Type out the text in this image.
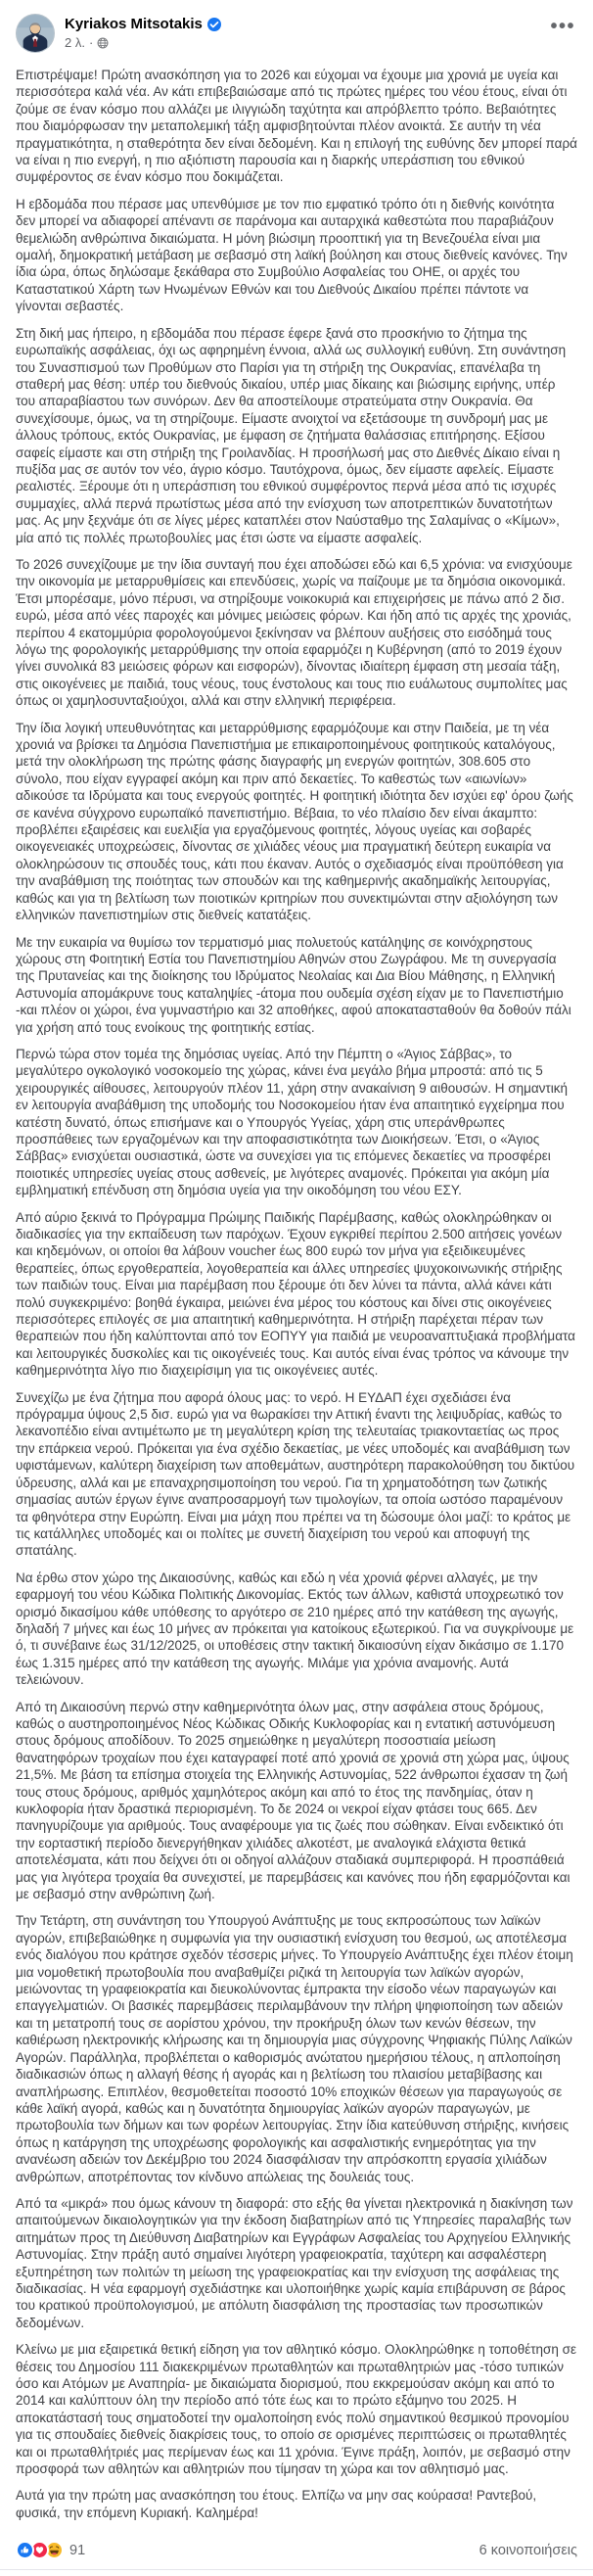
Kyriakos Mitsotakis
2 λ. ·
•••

Επιστρέψαμε! Πρώτη ανασκόπηση για το 2026 και εύχομαι να έχουμε μια χρονιά με υγεία και περισσότερα καλά νέα. Αν κάτι επιβεβαιώσαμε από τις πρώτες ημέρες του νέου έτους, είναι ότι ζούμε σε έναν κόσμο που αλλάζει με ιλιγγιώδη ταχύτητα και απρόβλεπτο τρόπο. Βεβαιότητες που διαμόρφωσαν την μεταπολεμική τάξη αμφισβητούνται πλέον ανοικτά. Σε αυτήν τη νέα πραγματικότητα, η σταθερότητα δεν είναι δεδομένη. Και η επιλογή της ευθύνης δεν μπορεί παρά να είναι η πιο ενεργή, η πιο αξιόπιστη παρουσία και η διαρκής υπεράσπιση του εθνικού συμφέροντος σε έναν κόσμο που δοκιμάζεται.

Η εβδομάδα που πέρασε μας υπενθύμισε με τον πιο εμφατικό τρόπο ότι η διεθνής κοινότητα δεν μπορεί να αδιαφορεί απέναντι σε παράνομα και αυταρχικά καθεστώτα που παραβιάζουν θεμελιώδη ανθρώπινα δικαιώματα. Η μόνη βιώσιμη προοπτική για τη Βενεζουέλα είναι μια ομαλή, δημοκρατική μετάβαση με σεβασμό στη λαϊκή βούληση και στους διεθνείς κανόνες. Την ίδια ώρα, όπως δηλώσαμε ξεκάθαρα στο Συμβούλιο Ασφαλείας του ΟΗΕ, οι αρχές του Καταστατικού Χάρτη των Ηνωμένων Εθνών και του Διεθνούς Δικαίου πρέπει πάντοτε να γίνονται σεβαστές.

Στη δική μας ήπειρο, η εβδομάδα που πέρασε έφερε ξανά στο προσκήνιο το ζήτημα της ευρωπαϊκής ασφάλειας, όχι ως αφηρημένη έννοια, αλλά ως συλλογική ευθύνη. Στη συνάντηση του Συνασπισμού των Προθύμων στο Παρίσι για τη στήριξη της Ουκρανίας, επανέλαβα τη σταθερή μας θέση: υπέρ του διεθνούς δικαίου, υπέρ μιας δίκαιης και βιώσιμης ειρήνης, υπέρ του απαραβίαστου των συνόρων. Δεν θα αποστείλουμε στρατεύματα στην Ουκρανία. Θα συνεχίσουμε, όμως, να τη στηρίζουμε. Είμαστε ανοιχτοί να εξετάσουμε τη συνδρομή μας με άλλους τρόπους, εκτός Ουκρανίας, με έμφαση σε ζητήματα θαλάσσιας επιτήρησης. Εξίσου σαφείς είμαστε και στη στήριξη της Γροιλανδίας. Η προσήλωσή μας στο Διεθνές Δίκαιο είναι η πυξίδα μας σε αυτόν τον νέο, άγριο κόσμο. Ταυτόχρονα, όμως, δεν είμαστε αφελείς. Είμαστε ρεαλιστές. Ξέρουμε ότι η υπεράσπιση του εθνικού συμφέροντος περνά μέσα από τις ισχυρές συμμαχίες, αλλά περνά πρωτίστως μέσα από την ενίσχυση των αποτρεπτικών δυνατοτήτων μας. Ας μην ξεχνάμε ότι σε λίγες μέρες καταπλέει στον Ναύσταθμο της Σαλαμίνας ο «Κίμων», μία από τις πολλές πρωτοβουλίες μας έτσι ώστε να είμαστε ασφαλείς.

Το 2026 συνεχίζουμε με την ίδια συνταγή που έχει αποδώσει εδώ και 6,5 χρόνια: να ενισχύουμε την οικονομία με μεταρρυθμίσεις και επενδύσεις, χωρίς να παίζουμε με τα δημόσια οικονομικά. Έτσι μπορέσαμε, μόνο πέρυσι, να στηρίξουμε νοικοκυριά και επιχειρήσεις με πάνω από 2 δισ. ευρώ, μέσα από νέες παροχές και μόνιμες μειώσεις φόρων. Και ήδη από τις αρχές της χρονιάς, περίπου 4 εκατομμύρια φορολογούμενοι ξεκίνησαν να βλέπουν αυξήσεις στο εισόδημά τους λόγω της φορολογικής μεταρρύθμισης την οποία εφαρμόζει η Κυβέρνηση (από το 2019 έχουν γίνει συνολικά 83 μειώσεις φόρων και εισφορών), δίνοντας ιδιαίτερη έμφαση στη μεσαία τάξη, στις οικογένειες με παιδιά, τους νέους, τους ένστολους και τους πιο ευάλωτους συμπολίτες μας όπως οι χαμηλοσυνταξιούχοι, αλλά και στην ελληνική περιφέρεια.

Την ίδια λογική υπευθυνότητας και μεταρρύθμισης εφαρμόζουμε και στην Παιδεία, με τη νέα χρονιά να βρίσκει τα Δημόσια Πανεπιστήμια με επικαιροποιημένους φοιτητικούς καταλόγους, μετά την ολοκλήρωση της πρώτης φάσης διαγραφής μη ενεργών φοιτητών, 308.605 στο σύνολο, που είχαν εγγραφεί ακόμη και πριν από δεκαετίες. Το καθεστώς των «αιωνίων» αδικούσε τα Ιδρύματα και τους ενεργούς φοιτητές. Η φοιτητική ιδιότητα δεν ισχύει εφ' όρου ζωής σε κανένα σύγχρονο ευρωπαϊκό πανεπιστήμιο. Βέβαια, το νέο πλαίσιο δεν είναι άκαμπτο: προβλέπει εξαιρέσεις και ευελιξία για εργαζόμενους φοιτητές, λόγους υγείας και σοβαρές οικογενειακές υποχρεώσεις, δίνοντας σε χιλιάδες νέους μια πραγματική δεύτερη ευκαιρία να ολοκληρώσουν τις σπουδές τους, κάτι που έκαναν. Αυτός ο σχεδιασμός είναι προϋπόθεση για την αναβάθμιση της ποιότητας των σπουδών και της καθημερινής ακαδημαϊκής λειτουργίας, καθώς και για τη βελτίωση των ποιοτικών κριτηρίων που συνεκτιμώνται στην αξιολόγηση των ελληνικών πανεπιστημίων στις διεθνείς κατατάξεις.

Με την ευκαιρία να θυμίσω τον τερματισμό μιας πολυετούς κατάληψης σε κοινόχρηστους χώρους στη Φοιτητική Εστία του Πανεπιστημίου Αθηνών στου Ζωγράφου. Με τη συνεργασία της Πρυτανείας και της διοίκησης του Ιδρύματος Νεολαίας και Δια Βίου Μάθησης, η Ελληνική Αστυνομία απομάκρυνε τους καταληψίες -άτομα που ουδεμία σχέση είχαν με το Πανεπιστήμιο -και πλέον οι χώροι, ένα γυμναστήριο και 32 αποθήκες, αφού αποκατασταθούν θα δοθούν πάλι για χρήση από τους ενοίκους της φοιτητικής εστίας.

Περνώ τώρα στον τομέα της δημόσιας υγείας. Από την Πέμπτη ο «Άγιος Σάββας», το μεγαλύτερο ογκολογικό νοσοκομείο της χώρας, κάνει ένα μεγάλο βήμα μπροστά: από τις 5 χειρουργικές αίθουσες, λειτουργούν πλέον 11, χάρη στην ανακαίνιση 9 αιθουσών. Η σημαντική εν λειτουργία αναβάθμιση της υποδομής του Νοσοκομείου ήταν ένα απαιτητικό εγχείρημα που κατέστη δυνατό, όπως επισήμανε και ο Υπουργός Υγείας, χάρη στις υπεράνθρωπες προσπάθειες των εργαζομένων και την αποφασιστικότητα των Διοικήσεων. Έτσι, ο «Άγιος Σάββας» ενισχύεται ουσιαστικά, ώστε να συνεχίσει για τις επόμενες δεκαετίες να προσφέρει ποιοτικές υπηρεσίες υγείας στους ασθενείς, με λιγότερες αναμονές. Πρόκειται για ακόμη μία εμβληματική επένδυση στη δημόσια υγεία για την οικοδόμηση του νέου ΕΣΥ.

Από αύριο ξεκινά το Πρόγραμμα Πρώιμης Παιδικής Παρέμβασης, καθώς ολοκληρώθηκαν οι διαδικασίες για την εκπαίδευση των παρόχων. Έχουν εγκριθεί περίπου 2.500 αιτήσεις γονέων και κηδεμόνων, οι οποίοι θα λάβουν voucher έως 800 ευρώ τον μήνα για εξειδικευμένες θεραπείες, όπως εργοθεραπεία, λογοθεραπεία και άλλες υπηρεσίες ψυχοκοινωνικής στήριξης των παιδιών τους. Είναι μια παρέμβαση που ξέρουμε ότι δεν λύνει τα πάντα, αλλά κάνει κάτι πολύ συγκεκριμένο: βοηθά έγκαιρα, μειώνει ένα μέρος του κόστους και δίνει στις οικογένειες περισσότερες επιλογές σε μια απαιτητική καθημερινότητα. Η στήριξη παρέχεται πέραν των θεραπειών που ήδη καλύπτονται από τον ΕΟΠΥΥ για παιδιά με νευροαναπτυξιακά προβλήματα και λειτουργικές δυσκολίες και τις οικογένειές τους. Και αυτός είναι ένας τρόπος να κάνουμε την καθημερινότητα λίγο πιο διαχειρίσιμη για τις οικογένειες αυτές.

Συνεχίζω με ένα ζήτημα που αφορά όλους μας: το νερό. Η ΕΥΔΑΠ έχει σχεδιάσει ένα πρόγραμμα ύψους 2,5 δισ. ευρώ για να θωρακίσει την Αττική έναντι της λειψυδρίας, καθώς το λεκανοπέδιο είναι αντιμέτωπο με τη μεγαλύτερη κρίση της τελευταίας τριακονταετίας ως προς την επάρκεια νερού. Πρόκειται για ένα σχέδιο δεκαετίας, με νέες υποδομές και αναβάθμιση των υφιστάμενων, καλύτερη διαχείριση των αποθεμάτων, αυστηρότερη παρακολούθηση του δικτύου ύδρευσης, αλλά και με επαναχρησιμοποίηση του νερού. Για τη χρηματοδότηση των ζωτικής σημασίας αυτών έργων έγινε αναπροσαρμογή των τιμολογίων, τα οποία ωστόσο παραμένουν τα φθηνότερα στην Ευρώπη. Είναι μια μάχη που πρέπει να τη δώσουμε όλοι μαζί: το κράτος με τις κατάλληλες υποδομές και οι πολίτες με συνετή διαχείριση του νερού και αποφυγή της σπατάλης.

Να έρθω στον χώρο της Δικαιοσύνης, καθώς και εδώ η νέα χρονιά φέρνει αλλαγές, με την εφαρμογή του νέου Κώδικα Πολιτικής Δικονομίας. Εκτός των άλλων, καθιστά υποχρεωτικό τον ορισμό δικασίμου κάθε υπόθεσης το αργότερο σε 210 ημέρες από την κατάθεση της αγωγής, δηλαδή 7 μήνες και έως 10 μήνες αν πρόκειται για κατοίκους εξωτερικού. Για να συγκρίνουμε με ό, τι συνέβαινε έως 31/12/2025, οι υποθέσεις στην τακτική δικαιοσύνη είχαν δικάσιμο σε 1.170 έως 1.315 ημέρες από την κατάθεση της αγωγής. Μιλάμε για χρόνια αναμονής. Αυτά τελειώνουν.

Από τη Δικαιοσύνη περνώ στην καθημερινότητα όλων μας, στην ασφάλεια στους δρόμους, καθώς ο αυστηροποιημένος Νέος Κώδικας Οδικής Κυκλοφορίας και η εντατική αστυνόμευση στους δρόμους αποδίδουν. Το 2025 σημειώθηκε η μεγαλύτερη ποσοστιαία μείωση θανατηφόρων τροχαίων που έχει καταγραφεί ποτέ από χρονιά σε χρονιά στη χώρα μας, ύψους 21,5%. Με βάση τα επίσημα στοιχεία της Ελληνικής Αστυνομίας, 522 άνθρωποι έχασαν τη ζωή τους στους δρόμους, αριθμός χαμηλότερος ακόμη και από το έτος της πανδημίας, όταν η κυκλοφορία ήταν δραστικά περιορισμένη. Το δε 2024 οι νεκροί είχαν φτάσει τους 665. Δεν πανηγυρίζουμε για αριθμούς. Τους αναφέρουμε για τις ζωές που σώθηκαν. Είναι ενδεικτικό ότι την εορταστική περίοδο διενεργήθηκαν χιλιάδες αλκοτέστ, με αναλογικά ελάχιστα θετικά αποτελέσματα, κάτι που δείχνει ότι οι οδηγοί αλλάζουν σταδιακά συμπεριφορά. Η προσπάθειά μας για λιγότερα τροχαία θα συνεχιστεί, με παρεμβάσεις και κανόνες που ήδη εφαρμόζονται και με σεβασμό στην ανθρώπινη ζωή.

Την Τετάρτη, στη συνάντηση του Υπουργού Ανάπτυξης με τους εκπροσώπους των λαϊκών αγορών, επιβεβαιώθηκε η συμφωνία για την ουσιαστική ενίσχυση του θεσμού, ως αποτέλεσμα ενός διαλόγου που κράτησε σχεδόν τέσσερις μήνες. Το Υπουργείο Ανάπτυξης έχει πλέον έτοιμη μια νομοθετική πρωτοβουλία που αναβαθμίζει ριζικά τη λειτουργία των λαϊκών αγορών, μειώνοντας τη γραφειοκρατία και διευκολύνοντας έμπρακτα την είσοδο νέων παραγωγών και επαγγελματιών. Οι βασικές παρεμβάσεις περιλαμβάνουν την πλήρη ψηφιοποίηση των αδειών και τη μετατροπή τους σε αορίστου χρόνου, την προκήρυξη όλων των κενών θέσεων, την καθιέρωση ηλεκτρονικής κλήρωσης και τη δημιουργία μιας σύγχρονης Ψηφιακής Πύλης Λαϊκών Αγορών. Παράλληλα, προβλέπεται ο καθορισμός ανώτατου ημερήσιου τέλους, η απλοποίηση διαδικασιών όπως η αλλαγή θέσης ή αγοράς και η βελτίωση του πλαισίου μεταβίβασης και αναπλήρωσης. Επιπλέον, θεσμοθετείται ποσοστό 10% εποχικών θέσεων για παραγωγούς σε κάθε λαϊκή αγορά, καθώς και η δυνατότητα δημιουργίας λαϊκών αγορών παραγωγών, με πρωτοβουλία των δήμων και των φορέων λειτουργίας. Στην ίδια κατεύθυνση στήριξης, κινήσεις όπως η κατάργηση της υποχρέωσης φορολογικής και ασφαλιστικής ενημερότητας για την ανανέωση αδειών τον Δεκέμβριο του 2024 διασφάλισαν την απρόσκοπτη εργασία χιλιάδων ανθρώπων, αποτρέποντας τον κίνδυνο απώλειας της δουλειάς τους.

Από τα «μικρά» που όμως κάνουν τη διαφορά: στο εξής θα γίνεται ηλεκτρονικά η διακίνηση των απαιτούμενων δικαιολογητικών για την έκδοση διαβατηρίων από τις Υπηρεσίες παραλαβής των αιτημάτων προς τη Διεύθυνση Διαβατηρίων και Εγγράφων Ασφαλείας του Αρχηγείου Ελληνικής Αστυνομίας. Στην πράξη αυτό σημαίνει λιγότερη γραφειοκρατία, ταχύτερη και ασφαλέστερη εξυπηρέτηση των πολιτών τη μείωση της γραφειοκρατίας και την ενίσχυση της ασφάλειας της διαδικασίας. Η νέα εφαρμογή σχεδιάστηκε και υλοποιήθηκε χωρίς καμία επιβάρυνση σε βάρος του κρατικού προϋπολογισμού, με απόλυτη διασφάλιση της προστασίας των προσωπικών δεδομένων.

Κλείνω με μια εξαιρετικά θετική είδηση για τον αθλητικό κόσμο. Ολοκληρώθηκε η τοποθέτηση σε θέσεις του Δημοσίου 111 διακεκριμένων πρωταθλητών και πρωταθλητριών μας -τόσο τυπικών όσο και Ατόμων με Αναπηρία- με δικαιώματα διορισμού, που εκκρεμούσαν ακόμη και από το 2014 και καλύπτουν όλη την περίοδο από τότε έως και το πρώτο εξάμηνο του 2025. Η αποκατάστασή τους σηματοδοτεί την ομαλοποίηση ενός πολύ σημαντικού θεσμικού προνομίου για τις σπουδαίες διεθνείς διακρίσεις τους, το οποίο σε ορισμένες περιπτώσεις οι πρωταθλητές και οι πρωταθλήτριές μας περίμεναν έως και 11 χρόνια. Έγινε πράξη, λοιπόν, με σεβασμό στην προσφορά των αθλητών και αθλητριών που τίμησαν τη χώρα και τον αθλητισμό μας.

Αυτά για την πρώτη μας ανασκόπηση του έτους. Ελπίζω να μην σας κούρασα! Ραντεβού, φυσικά, την επόμενη Κυριακή. Καλημέρα!

91	6 κοινοποιήσεις
